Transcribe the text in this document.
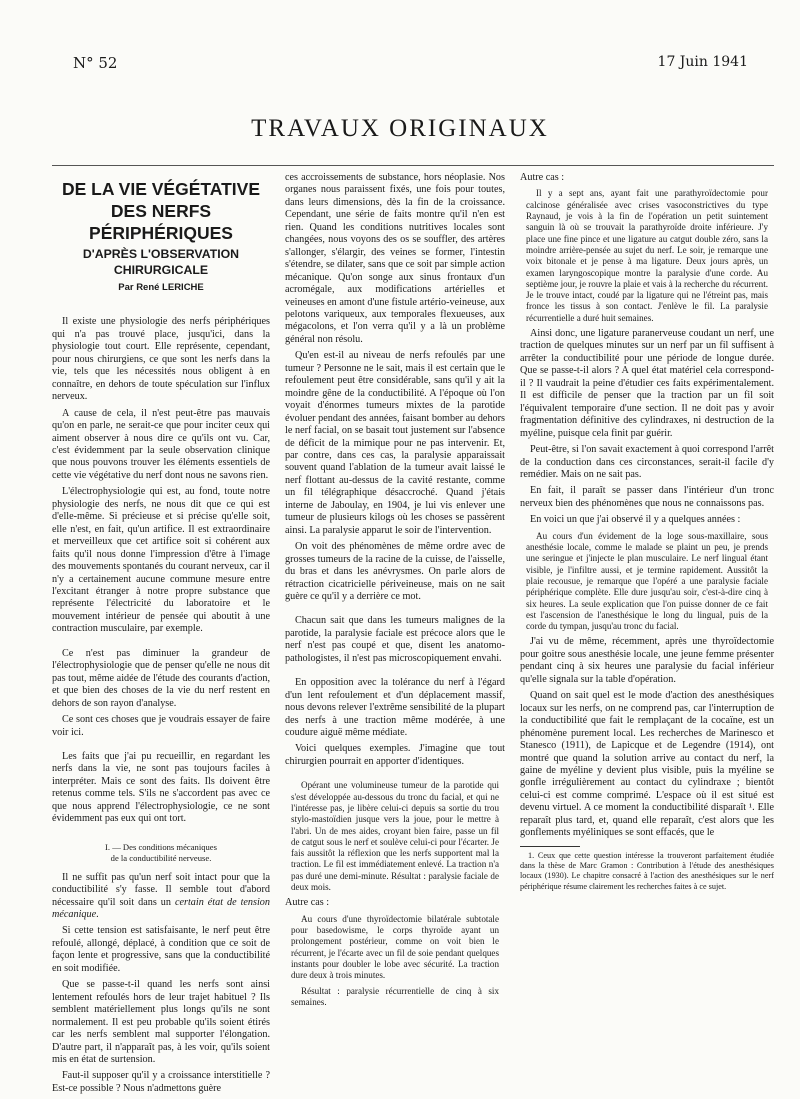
N° 52	17 Juin 1941
TRAVAUX ORIGINAUX
DE LA VIE VÉGÉTATIVE
DES NERFS PÉRIPHÉRIQUES
D'APRÈS L'OBSERVATION
CHIRURGICALE
Par René LERICHE

Il existe une physiologie des nerfs périphériques qui n'a pas trouvé place, jusqu'ici, dans la physiologie tout court. Elle représente, cependant, pour nous chirurgiens, ce que sont les nerfs dans la vie, tels que les nécessités nous obligent à en connaître, en dehors de toute spéculation sur l'influx nerveux.

A cause de cela, il n'est peut-être pas mauvais qu'on en parle, ne serait-ce que pour inciter ceux qui aiment observer à nous dire ce qu'ils ont vu. Car, c'est évidemment par la seule observation clinique que nous pouvons trouver les éléments essentiels de cette vie végétative du nerf dont nous ne savons rien.

L'électrophysiologie qui est, au fond, toute notre physiologie des nerfs, ne nous dit que ce qui est d'elle-même. Si précieuse et si précise qu'elle soit, elle n'est, en fait, qu'un artifice. Il est extraordinaire et merveilleux que cet artifice soit si cohérent aux faits qu'il nous donne l'impression d'être à l'image des mouvements spontanés du courant nerveux, car il n'y a certainement aucune commune mesure entre l'excitant étranger à notre propre substance que représente l'électricité du laboratoire et le mouvement intérieur de pensée qui aboutit à une contraction musculaire, par exemple.

Ce n'est pas diminuer la grandeur de l'électrophysiologie que de penser qu'elle ne nous dit pas tout, même aidée de l'étude des courants d'action, et que bien des choses de la vie du nerf restent en dehors de son rayon d'analyse.

Ce sont ces choses que je voudrais essayer de faire voir ici.

Les faits que j'ai pu recueillir, en regardant les nerfs dans la vie, ne sont pas toujours faciles à interpréter. Mais ce sont des faits. Ils doivent être retenus comme tels. S'ils ne s'accordent pas avec ce que nous apprend l'électrophysiologie, ce ne sont évidemment pas eux qui ont tort.

I. — Des conditions mécaniques
de la conductibilité nerveuse.

Il ne suffit pas qu'un nerf soit intact pour que la conductibilité s'y fasse. Il semble tout d'abord nécessaire qu'il soit dans un certain état de tension mécanique.

Si cette tension est satisfaisante, le nerf peut être refoulé, allongé, déplacé, à condition que ce soit de façon lente et progressive, sans que la conductibilité en soit modifiée.

Que se passe-t-il quand les nerfs sont ainsi lentement refoulés hors de leur trajet habituel ? Ils semblent matériellement plus longs qu'ils ne sont normalement. Il est peu probable qu'ils soient étirés car les nerfs semblent mal supporter l'élongation. D'autre part, il n'apparaît pas, à les voir, qu'ils soient mis en état de surtension.

Faut-il supposer qu'il y a croissance interstitielle ? Est-ce possible ? Nous n'admettons guère

ces accroissements de substance, hors néoplasie. Nos organes nous paraissent fixés, une fois pour toutes, dans leurs dimensions, dès la fin de la croissance. Cependant, une série de faits montre qu'il n'en est rien. Quand les conditions nutritives locales sont changées, nous voyons des os se souffler, des artères s'allonger, s'élargir, des veines se former, l'intestin s'étendre, se dilater, sans que ce soit par simple action mécanique. Qu'on songe aux sinus frontaux d'un acromégale, aux modifications artérielles et veineuses en amont d'une fistule artério-veineuse, aux pelotons variqueux, aux temporales flexueuses, aux mégacolons, et l'on verra qu'il y a là un problème général non résolu.

Qu'en est-il au niveau de nerfs refoulés par une tumeur ? Personne ne le sait, mais il est certain que le refoulement peut être considérable, sans qu'il y ait la moindre gêne de la conductibilité. A l'époque où l'on voyait d'énormes tumeurs mixtes de la parotide évoluer pendant des années, faisant bomber au dehors le nerf facial, on se basait tout justement sur l'absence de déficit de la mimique pour ne pas intervenir. Et, par contre, dans ces cas, la paralysie apparaissait souvent quand l'ablation de la tumeur avait laissé le nerf flottant au-dessus de la cavité restante, comme un fil télégraphique désaccroché. Quand j'étais interne de Jaboulay, en 1904, je lui vis enlever une tumeur de plusieurs kilogs où les choses se passèrent ainsi. La paralysie apparut le soir de l'intervention.

On voit des phénomènes de même ordre avec de grosses tumeurs de la racine de la cuisse, de l'aisselle, du bras et dans les anévrysmes. On parle alors de rétraction cicatricielle périveineuse, mais on ne sait guère ce qu'il y a derrière ce mot.

Chacun sait que dans les tumeurs malignes de la parotide, la paralysie faciale est précoce alors que le nerf n'est pas coupé et que, disent les anatomo-pathologistes, il n'est pas microscopiquement envahi.

En opposition avec la tolérance du nerf à l'égard d'un lent refoulement et d'un déplacement massif, nous devons relever l'extrême sensibilité de la plupart des nerfs à une traction même modérée, à une coudure aiguë même médiate.

Voici quelques exemples. J'imagine que tout chirurgien pourrait en apporter d'identiques.

Opérant une volumineuse tumeur de la parotide qui s'est développée au-dessous du tronc du facial, et qui ne l'intéresse pas, je libère celui-ci depuis sa sortie du trou stylo-mastoïdien jusque vers la joue, pour le mettre à l'abri. Un de mes aides, croyant bien faire, passe un fil de catgut sous le nerf et soulève celui-ci pour l'écarter. Je fais aussitôt la réflexion que les nerfs supportent mal la traction. Le fil est immédiatement enlevé. La traction n'a pas duré une demi-minute. Résultat : paralysie faciale de deux mois.

Autre cas :

Au cours d'une thyroïdectomie bilatérale subtotale pour basedowisme, le corps thyroïde ayant un prolongement postérieur, comme on voit bien le récurrent, je l'écarte avec un fil de soie pendant quelques instants pour doubler le lobe avec sécurité. La traction dure deux à trois minutes.

Résultat : paralysie récurrentielle de cinq à six semaines.

Autre cas :

Il y a sept ans, ayant fait une parathyroïdectomie pour calcinose généralisée avec crises vasoconstrictives du type Raynaud, je vois à la fin de l'opération un petit suintement sanguin là où se trouvait la parathyroïde droite inférieure. J'y place une fine pince et une ligature au catgut double zéro, sans la moindre arrière-pensée au sujet du nerf. Le soir, je remarque une voix bitonale et je pense à ma ligature. Deux jours après, un examen laryngoscopique montre la paralysie d'une corde. Au septième jour, je rouvre la plaie et vais à la recherche du récurrent. Je le trouve intact, coudé par la ligature qui ne l'étreint pas, mais fronce les tissus à son contact. J'enlève le fil. La paralysie récurrentielle a duré huit semaines.

Ainsi donc, une ligature paranerveuse coudant un nerf, une traction de quelques minutes sur un nerf par un fil suffisent à arrêter la conductibilité pour une période de longue durée. Que se passe-t-il alors ? A quel état matériel cela correspond-il ? Il vaudrait la peine d'étudier ces faits expérimentalement. Il est difficile de penser que la traction par un fil soit l'équivalent temporaire d'une section. Il ne doit pas y avoir fragmentation définitive des cylindraxes, ni destruction de la myéline, puisque cela finit par guérir.

Peut-être, si l'on savait exactement à quoi correspond l'arrêt de la conduction dans ces circonstances, serait-il facile d'y remédier. Mais on ne sait pas.

En fait, il paraît se passer dans l'intérieur d'un tronc nerveux bien des phénomènes que nous ne connaissons pas.

En voici un que j'ai observé il y a quelques années :

Au cours d'un évidement de la loge sous-maxillaire, sous anesthésie locale, comme le malade se plaint un peu, je prends une seringue et j'injecte le plan musculaire. Le nerf lingual étant visible, je l'infiltre aussi, et je termine rapidement. Aussitôt la plaie recousue, je remarque que l'opéré a une paralysie faciale périphérique complète. Elle dure jusqu'au soir, c'est-à-dire cinq à six heures. La seule explication que l'on puisse donner de ce fait est l'ascension de l'anesthésique le long du lingual, puis de la corde du tympan, jusqu'au tronc du facial.

J'ai vu de même, récemment, après une thyroïdectomie pour goitre sous anesthésie locale, une jeune femme présenter pendant cinq à six heures une paralysie du facial inférieur qu'elle signala sur la table d'opération.

Quand on sait quel est le mode d'action des anesthésiques locaux sur les nerfs, on ne comprend pas, car l'interruption de la conductibilité que fait le remplaçant de la cocaïne, est un phénomène purement local. Les recherches de Marinesco et Stanesco (1911), de Lapicque et de Legendre (1914), ont montré que quand la solution arrive au contact du nerf, la gaine de myéline y devient plus visible, puis la myéline se gonfle irrégulièrement au contact du cylindraxe ; bientôt celui-ci est comme comprimé. L'espace où il est situé est devenu virtuel. A ce moment la conductibilité disparaît ¹. Elle reparaît plus tard, et, quand elle reparaît, c'est alors que les gonflements myéliniques se sont effacés, que le

1. Ceux que cette question intéresse la trouveront parfaitement étudiée dans la thèse de Marc Gramon : Contribution à l'étude des anesthésiques locaux (1930). Le chapitre consacré à l'action des anesthésiques sur le nerf périphérique résume clairement les recherches faites à ce sujet.
